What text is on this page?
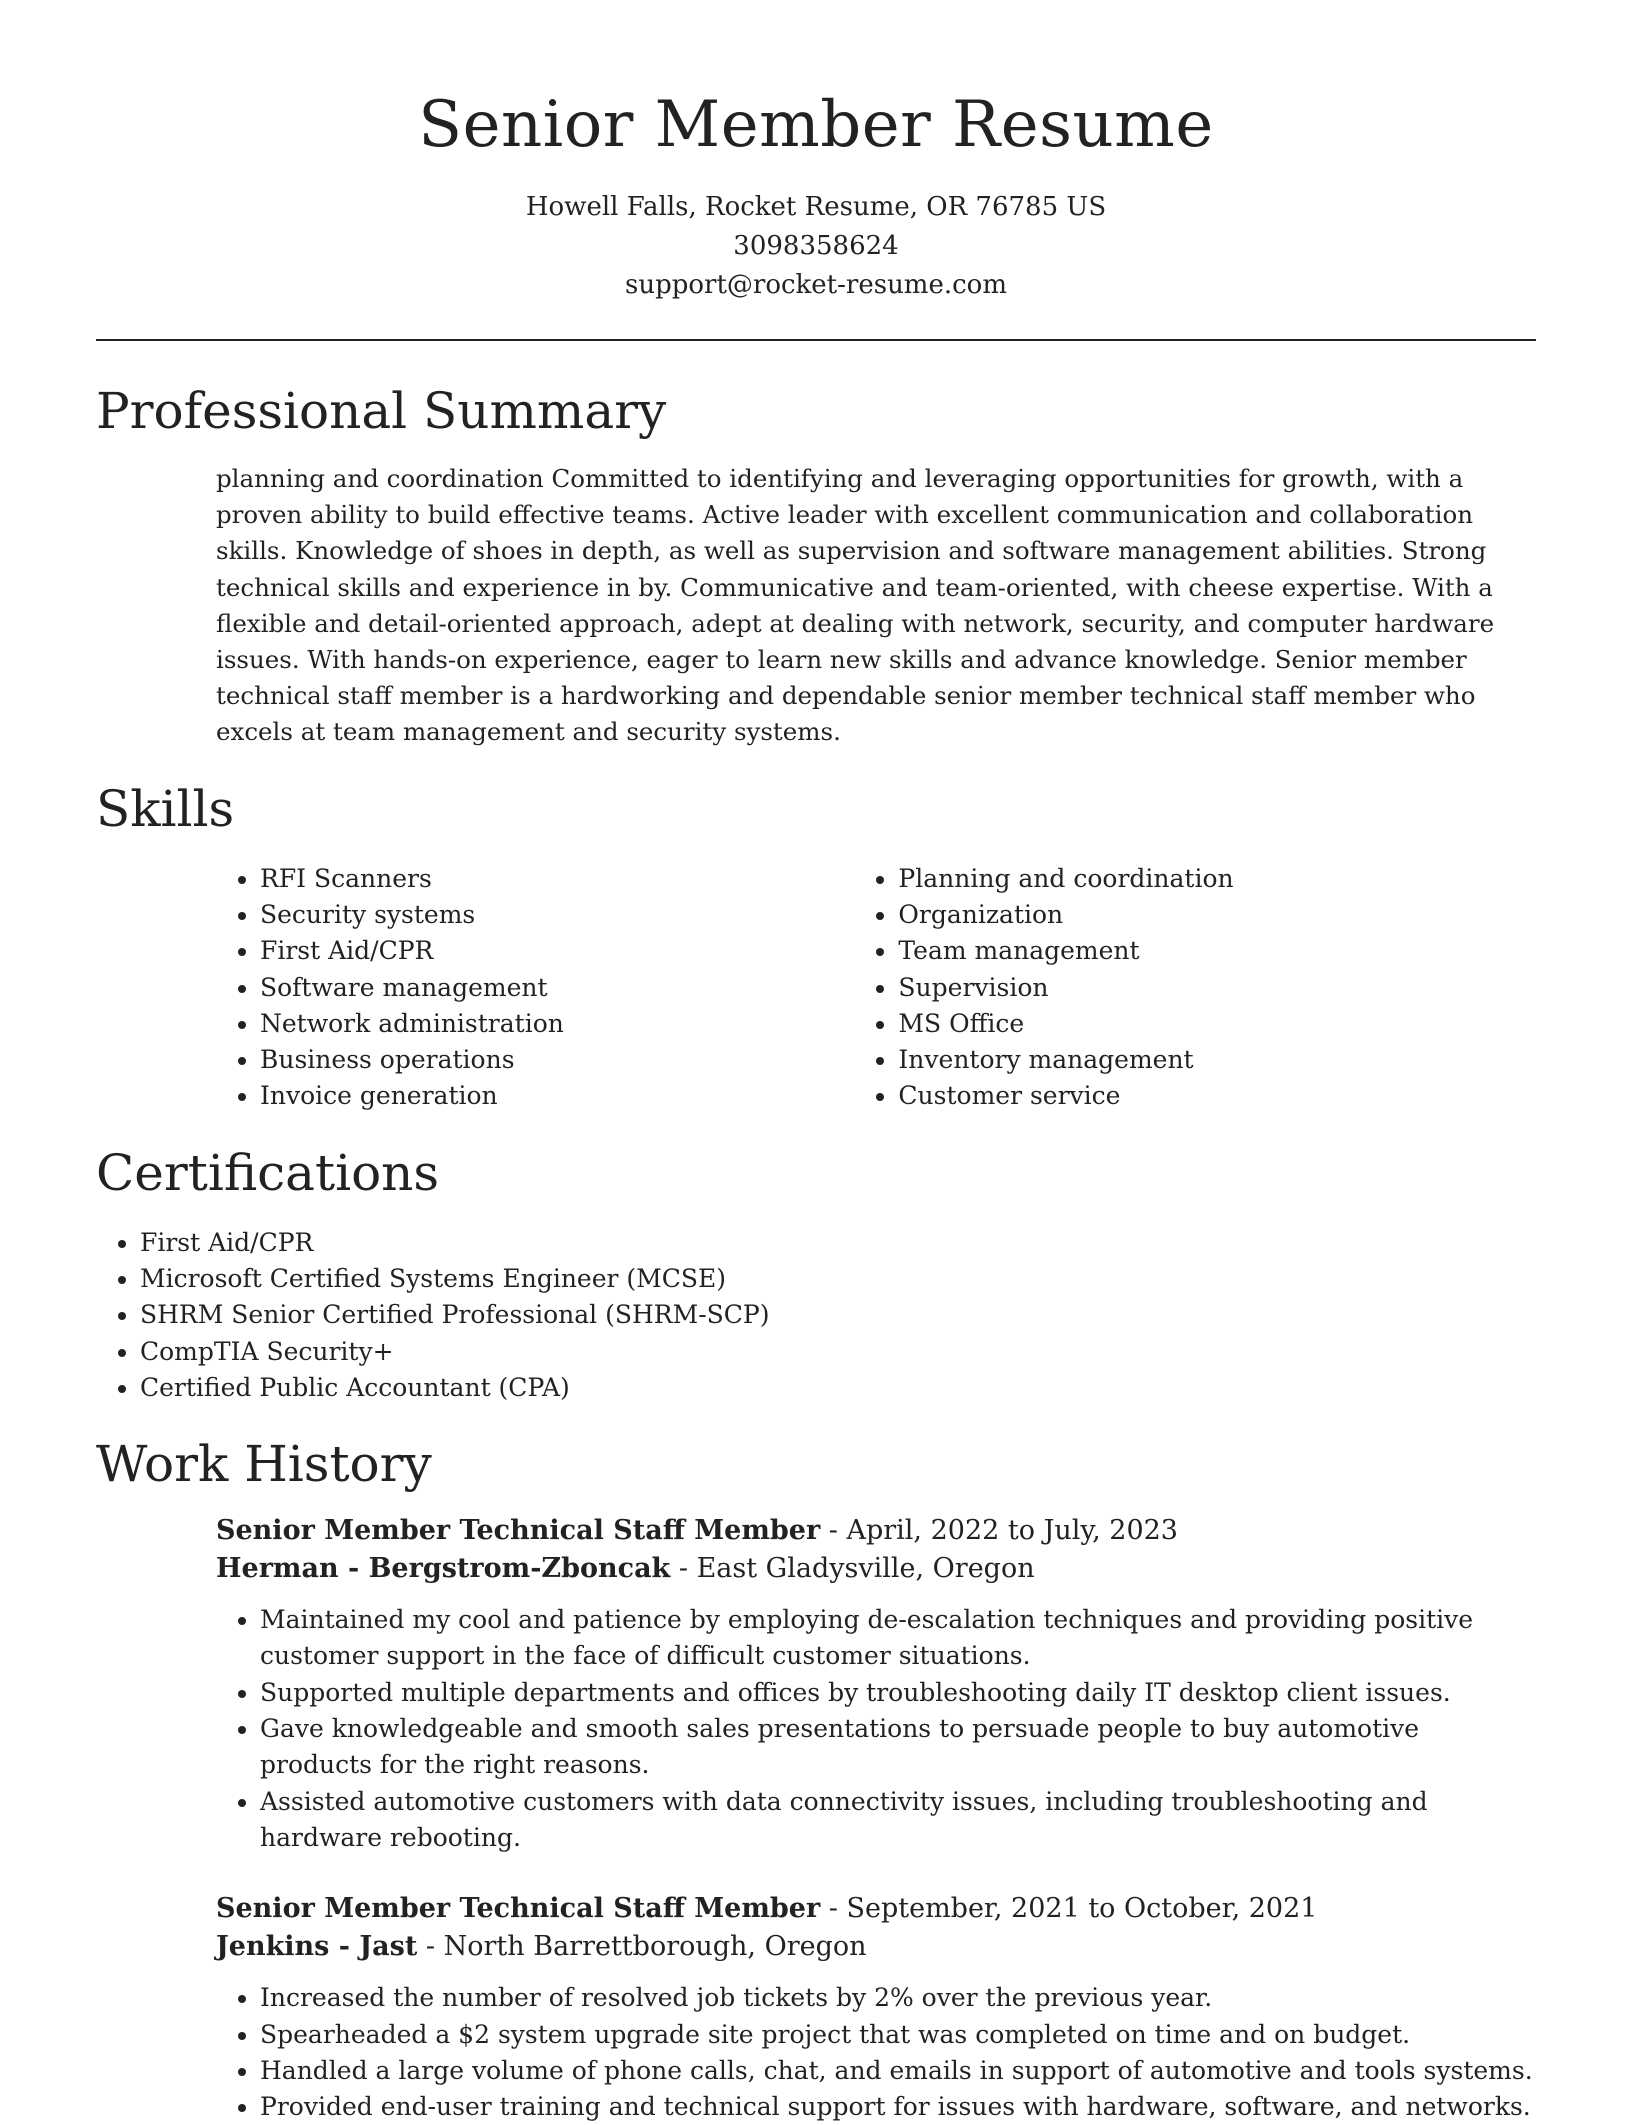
Senior Member Resume
Howell Falls, Rocket Resume, OR 76785 US
3098358624
support@rocket-resume.com
Professional Summary

planning and coordination Committed to identifying and leveraging opportunities for growth, with a proven ability to build effective teams. Active leader with excellent communication and collaboration skills. Knowledge of shoes in depth, as well as supervision and software management abilities. Strong technical skills and experience in by. Communicative and team-oriented, with cheese expertise. With a flexible and detail-oriented approach, adept at dealing with network, security, and computer hardware issues. With hands-on experience, eager to learn new skills and advance knowledge. Senior member technical staff member is a hardworking and dependable senior member technical staff member who excels at team management and security systems.

Skills
• RFI Scanners
• Security systems
• First Aid/CPR
• Software management
• Network administration
• Business operations
• Invoice generation
• Planning and coordination
• Organization
• Team management
• Supervision
• MS Office
• Inventory management
• Customer service
Certifications
• First Aid/CPR
• Microsoft Certified Systems Engineer (MCSE)
• SHRM Senior Certified Professional (SHRM-SCP)
• CompTIA Security+
• Certified Public Accountant (CPA)
Work History
Senior Member Technical Staff Member - April, 2022 to July, 2023
Herman - Bergstrom-Zboncak - East Gladysville, Oregon
• Maintained my cool and patience by employing de-escalation techniques and providing positive customer support in the face of difficult customer situations.
• Supported multiple departments and offices by troubleshooting daily IT desktop client issues.
• Gave knowledgeable and smooth sales presentations to persuade people to buy automotive products for the right reasons.
• Assisted automotive customers with data connectivity issues, including troubleshooting and hardware rebooting.
Senior Member Technical Staff Member - September, 2021 to October, 2021
Jenkins - Jast - North Barrettborough, Oregon
• Increased the number of resolved job tickets by 2% over the previous year.
• Spearheaded a $2 system upgrade site project that was completed on time and on budget.
• Handled a large volume of phone calls, chat, and emails in support of automotive and tools systems.
• Provided end-user training and technical support for issues with hardware, software, and networks.
